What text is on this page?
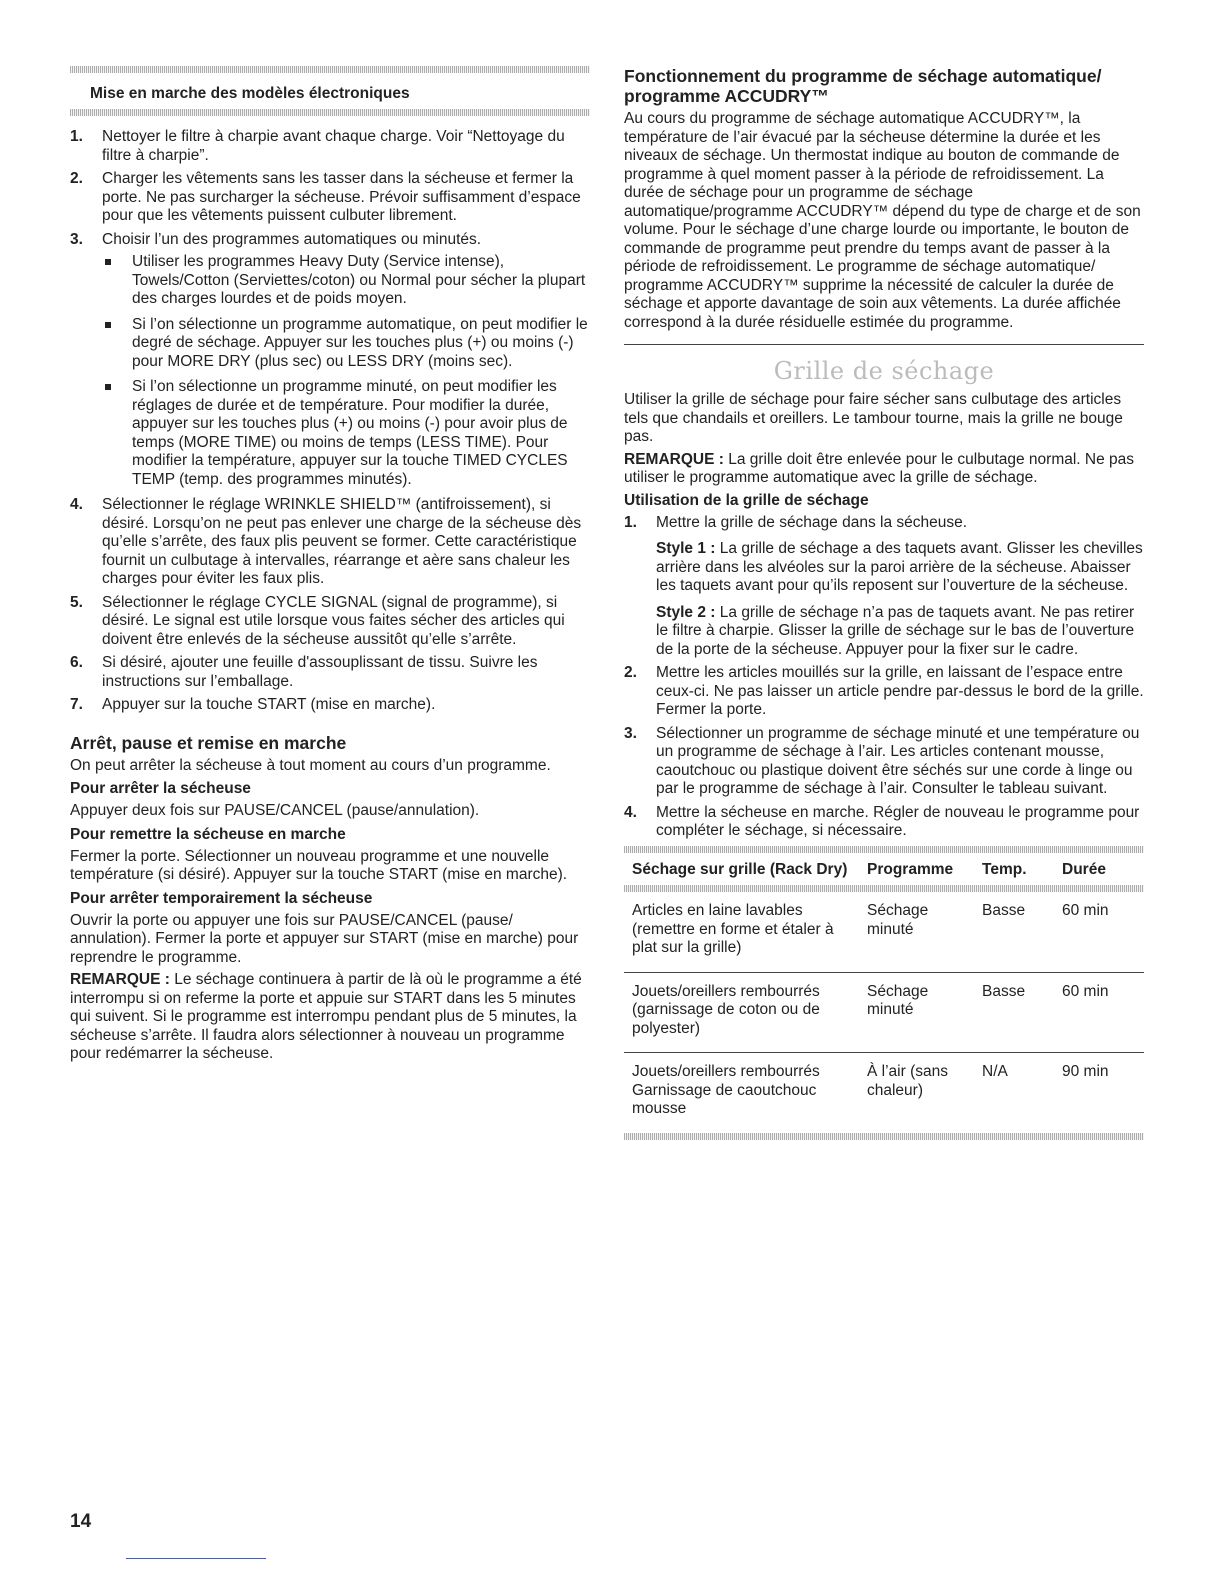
Mise en marche des modèles électroniques
1. Nettoyer le filtre à charpie avant chaque charge. Voir “Nettoyage du filtre à charpie”.
2. Charger les vêtements sans les tasser dans la sécheuse et fermer la porte. Ne pas surcharger la sécheuse. Prévoir suffisamment d’espace pour que les vêtements puissent culbuter librement.
3. Choisir l’un des programmes automatiques ou minutés.
Utiliser les programmes Heavy Duty (Service intense), Towels/Cotton (Serviettes/coton) ou Normal pour sécher la plupart des charges lourdes et de poids moyen.
Si l’on sélectionne un programme automatique, on peut modifier le degré de séchage. Appuyer sur les touches plus (+) ou moins (-) pour MORE DRY (plus sec) ou LESS DRY (moins sec).
Si l’on sélectionne un programme minuté, on peut modifier les réglages de durée et de température. Pour modifier la durée, appuyer sur les touches plus (+) ou moins (-) pour avoir plus de temps (MORE TIME) ou moins de temps (LESS TIME). Pour modifier la température, appuyer sur la touche TIMED CYCLES TEMP (temp. des programmes minutés).
4. Sélectionner le réglage WRINKLE SHIELD™ (antifroissement), si désiré. Lorsqu’on ne peut pas enlever une charge de la sécheuse dès qu’elle s’arrête, des faux plis peuvent se former. Cette caractéristique fournit un culbutage à intervalles, réarrange et aère sans chaleur les charges pour éviter les faux plis.
5. Sélectionner le réglage CYCLE SIGNAL (signal de programme), si désiré. Le signal est utile lorsque vous faites sécher des articles qui doivent être enlevés de la sécheuse aussitôt qu’elle s’arrête.
6. Si désiré, ajouter une feuille d'assouplissant de tissu. Suivre les instructions sur l’emballage.
7. Appuyer sur la touche START (mise en marche).
Arrêt, pause et remise en marche

On peut arrêter la sécheuse à tout moment au cours d’un programme.

Pour arrêter la sécheuse

Appuyer deux fois sur PAUSE/CANCEL (pause/annulation).

Pour remettre la sécheuse en marche

Fermer la porte. Sélectionner un nouveau programme et une nouvelle température (si désiré). Appuyer sur la touche START (mise en marche).

Pour arrêter temporairement la sécheuse

Ouvrir la porte ou appuyer une fois sur PAUSE/CANCEL (pause/ annulation). Fermer la porte et appuyer sur START (mise en marche) pour reprendre le programme.

REMARQUE : Le séchage continuera à partir de là où le programme a été interrompu si on referme la porte et appuie sur START dans les 5 minutes qui suivent. Si le programme est interrompu pendant plus de 5 minutes, la sécheuse s’arrête. Il faudra alors sélectionner à nouveau un programme pour redémarrer la sécheuse.

Fonctionnement du programme de séchage automatique/ programme ACCUDRY™

Au cours du programme de séchage automatique ACCUDRY™, la température de l’air évacué par la sécheuse détermine la durée et les niveaux de séchage. Un thermostat indique au bouton de commande de programme à quel moment passer à la période de refroidissement. La durée de séchage pour un programme de séchage automatique/programme ACCUDRY™ dépend du type de charge et de son volume. Pour le séchage d’une charge lourde ou importante, le bouton de commande de programme peut prendre du temps avant de passer à la période de refroidissement. Le programme de séchage automatique/ programme ACCUDRY™ supprime la nécessité de calculer la durée de séchage et apporte davantage de soin aux vêtements. La durée affichée correspond à la durée résiduelle estimée du programme.

Grille de séchage

Utiliser la grille de séchage pour faire sécher sans culbutage des articles tels que chandails et oreillers. Le tambour tourne, mais la grille ne bouge pas.

REMARQUE : La grille doit être enlevée pour le culbutage normal. Ne pas utiliser le programme automatique avec la grille de séchage.

Utilisation de la grille de séchage
1. Mettre la grille de séchage dans la sécheuse.

Style 1 : La grille de séchage a des taquets avant. Glisser les chevilles arrière dans les alvéoles sur la paroi arrière de la sécheuse. Abaisser les taquets avant pour qu’ils reposent sur l’ouverture de la sécheuse.

Style 2 : La grille de séchage n’a pas de taquets avant. Ne pas retirer le filtre à charpie. Glisser la grille de séchage sur le bas de l’ouverture de la porte de la sécheuse. Appuyer pour la fixer sur le cadre.

2. Mettre les articles mouillés sur la grille, en laissant de l’espace entre ceux-ci. Ne pas laisser un article pendre par-dessus le bord de la grille. Fermer la porte.
3. Sélectionner un programme de séchage minuté et une température ou un programme de séchage à l’air. Les articles contenant mousse, caoutchouc ou plastique doivent être séchés sur une corde à linge ou par le programme de séchage à l’air. Consulter le tableau suivant.
4. Mettre la sécheuse en marche. Régler de nouveau le programme pour compléter le séchage, si nécessaire.
Séchage sur grille (Rack Dry)	Programme	Temp.	Durée

Articles en laine lavables (remettre en forme et étaler à plat sur la grille)	Séchage minuté	Basse	60 min
Jouets/oreillers rembourrés (garnissage de coton ou de polyester)	Séchage minuté	Basse	60 min
Jouets/oreillers rembourrés Garnissage de caoutchouc mousse	À l’air (sans chaleur)	N/A	90 min
14
